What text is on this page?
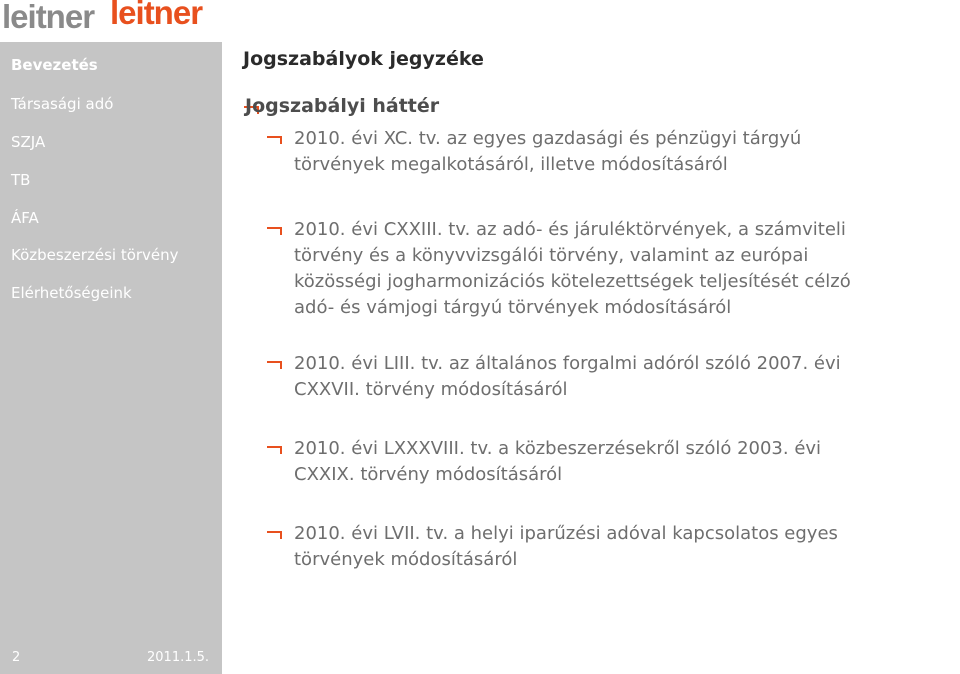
leitner leitner
Bevezetés
Társasági adó
SZJA
TB
ÁFA
Közbeszerzési törvény
Elérhetőségeink
2	2011.1.5.
Jogszabályok jegyzéke
Jogszabályi háttér
2010. évi XC. tv. az egyes gazdasági és pénzügyi tárgyú
törvények megalkotásáról, illetve módosításáról
2010. évi CXXIII. tv. az adó- és járuléktörvények, a számviteli
törvény és a könyvvizsgálói törvény, valamint az európai
közösségi jogharmonizációs kötelezettségek teljesítését célzó
adó- és vámjogi tárgyú törvények módosításáról
2010. évi LIII. tv. az általános forgalmi adóról szóló 2007. évi
CXXVII. törvény módosításáról
2010. évi LXXXVIII. tv. a közbeszerzésekről szóló 2003. évi
CXXIX. törvény módosításáról
2010. évi LVII. tv. a helyi iparűzési adóval kapcsolatos egyes
törvények módosításáról
